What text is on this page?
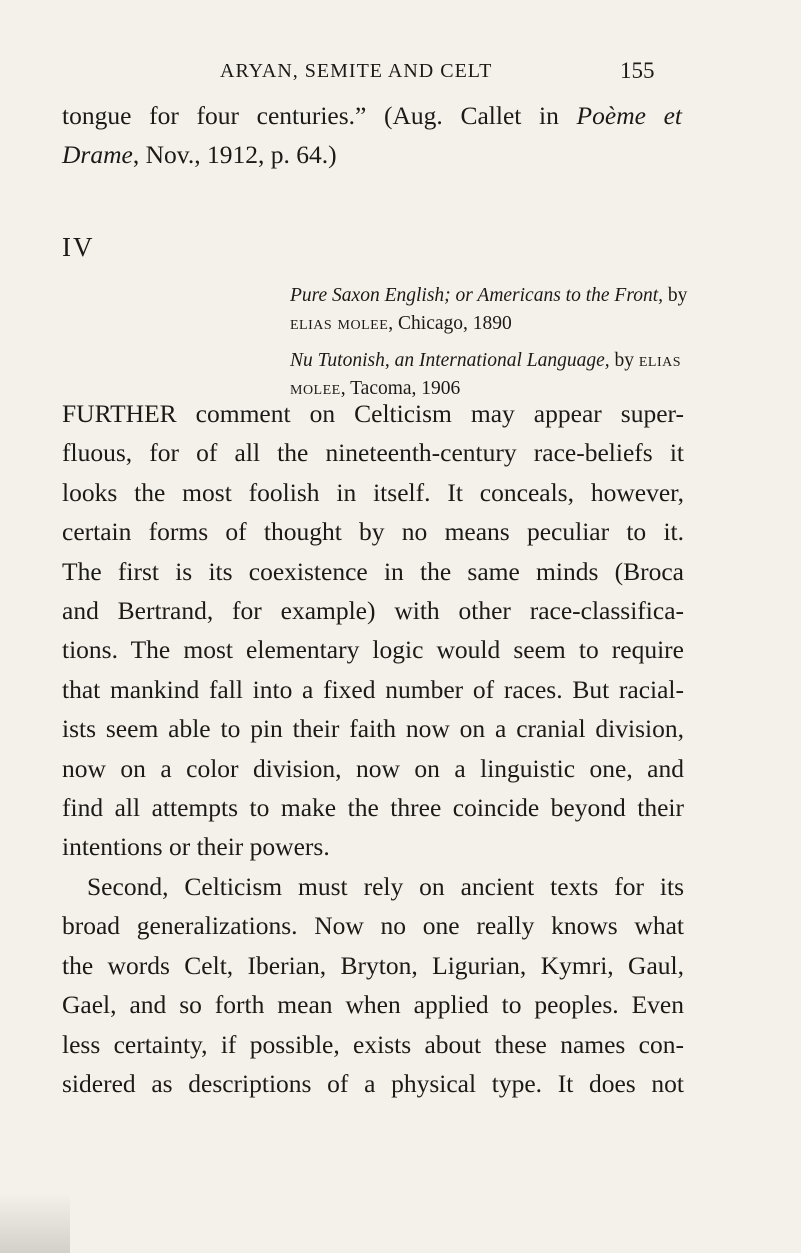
ARYAN, SEMITE AND CELT	155
tongue for four centuries.” (Aug. Callet in Poème et
Drame, Nov., 1912, p. 64.)
IV

Pure Saxon English; or Americans to the Front, by elias molee, Chicago, 1890

Nu Tutonish, an International Language, by elias molee, Tacoma, 1906

FURTHER comment on Celticism may appear super-
fluous, for of all the nineteenth-century race-beliefs it
looks the most foolish in itself. It conceals, however,
certain forms of thought by no means peculiar to it.
The first is its coexistence in the same minds (Broca
and Bertrand, for example) with other race-classifica-
tions. The most elementary logic would seem to require
that mankind fall into a fixed number of races. But racial-
ists seem able to pin their faith now on a cranial division,
now on a color division, now on a linguistic one, and
find all attempts to make the three coincide beyond their
intentions or their powers.
Second, Celticism must rely on ancient texts for its
broad generalizations. Now no one really knows what
the words Celt, Iberian, Bryton, Ligurian, Kymri, Gaul,
Gael, and so forth mean when applied to peoples. Even
less certainty, if possible, exists about these names con-
sidered as descriptions of a physical type. It does not
